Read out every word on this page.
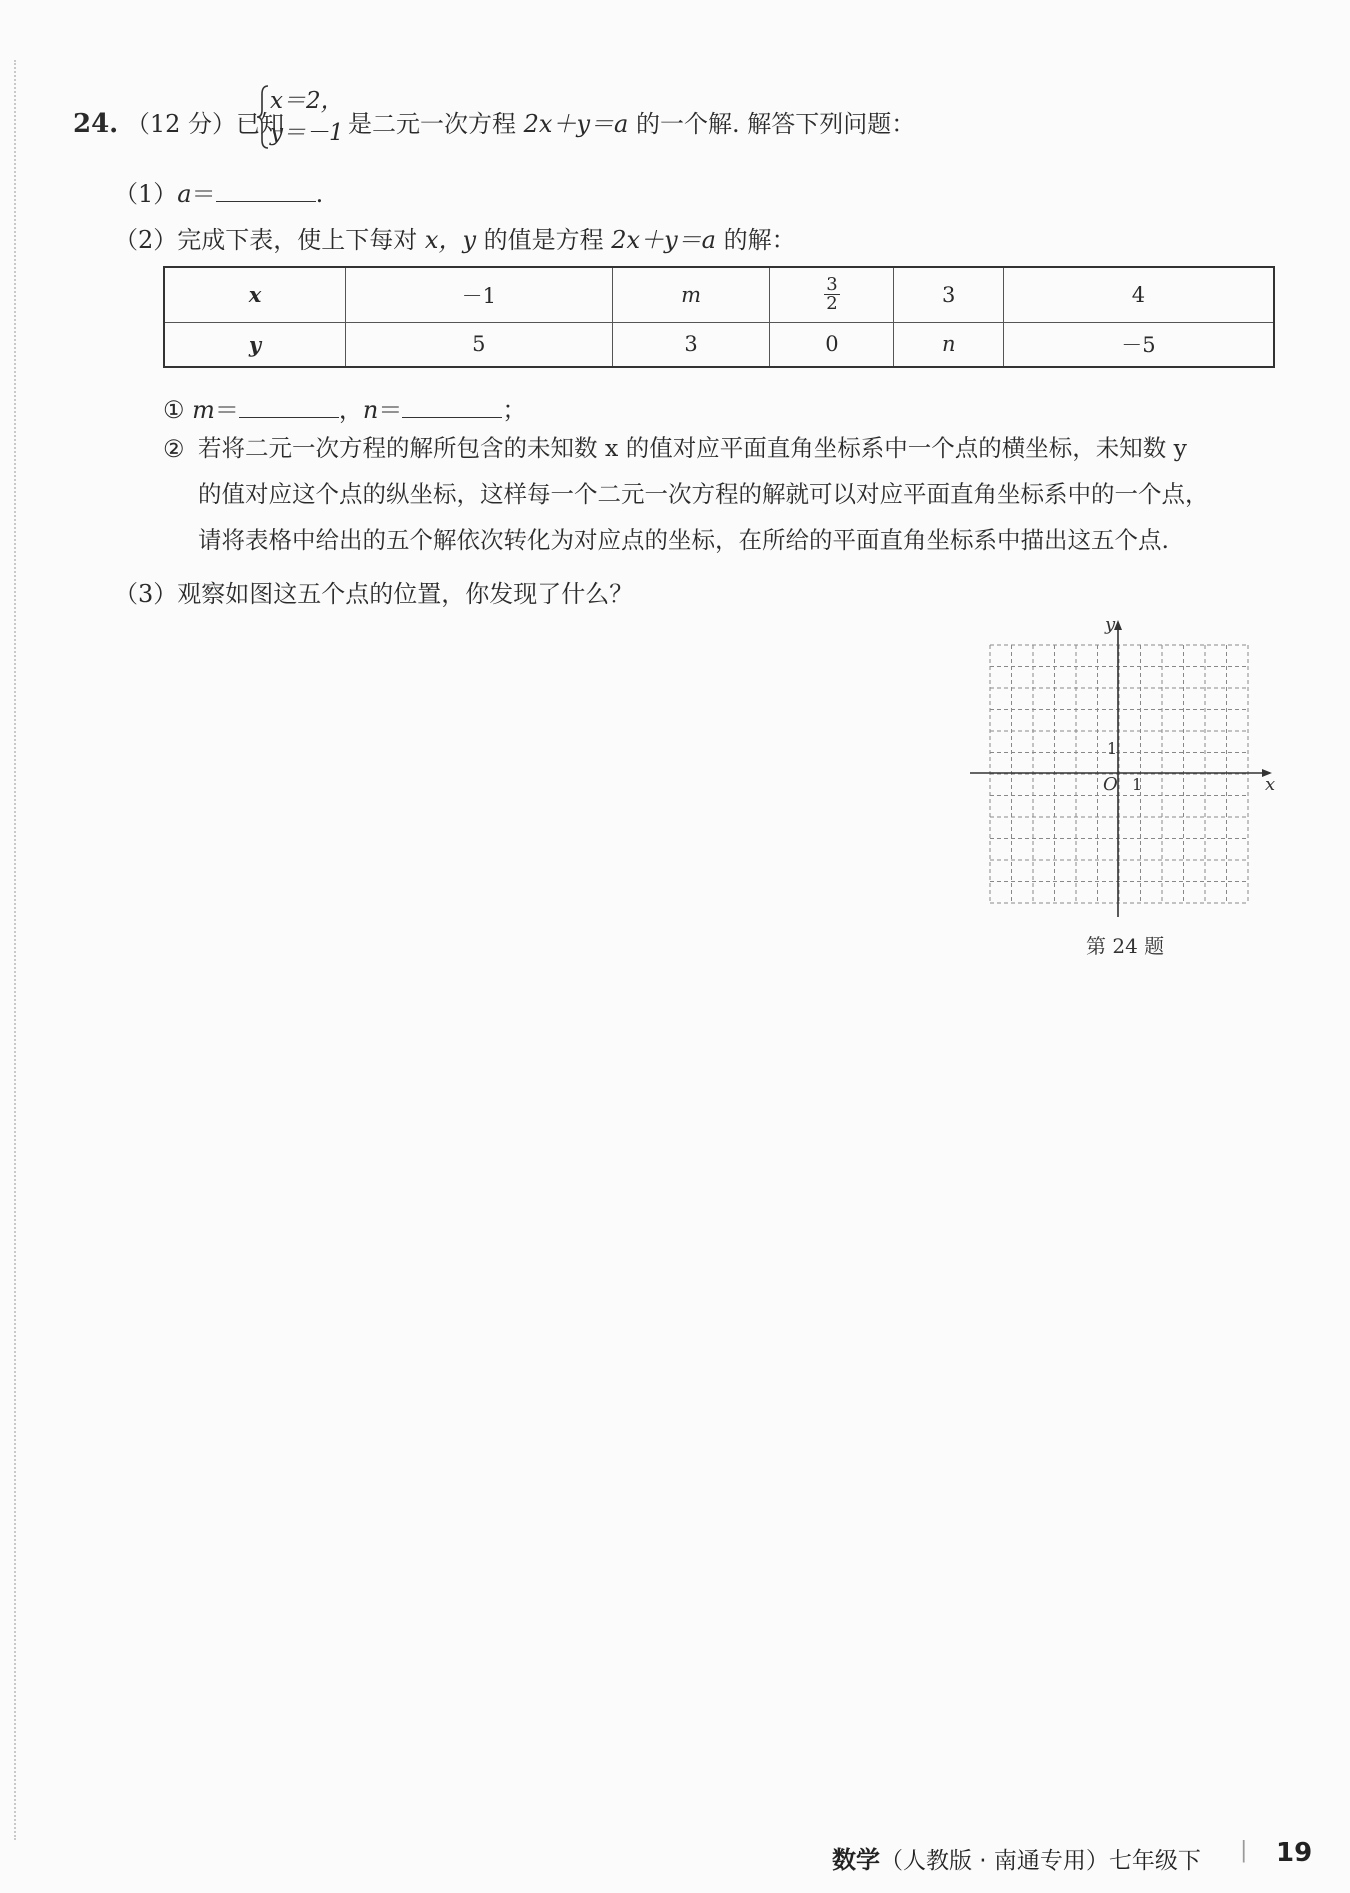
24. （12 分）已知
x＝2，
y＝－1 是二元一次方程 2x＋y＝a 的一个解. 解答下列问题：
（1）a＝	.
（2）完成下表，使上下每对 x，y 的值是方程 2x＋y＝a 的解：
x	－1	m	$\frac{3}{2}$	3	4
y	5	3	0	n	－5
① m＝	，n＝	；
② 若将二元一次方程的解所包含的未知数 x 的值对应平面直角坐标系中一个点的横坐标，未知数 y
的值对应这个点的纵坐标，这样每一个二元一次方程的解就可以对应平面直角坐标系中的一个点，
请将表格中给出的五个解依次转化为对应点的坐标，在所给的平面直角坐标系中描出这五个点.
（3）观察如图这五个点的位置，你发现了什么？
x
y
O 1
1
第 24 题
数学（人教版 · 南通专用）七年级下 | 19
